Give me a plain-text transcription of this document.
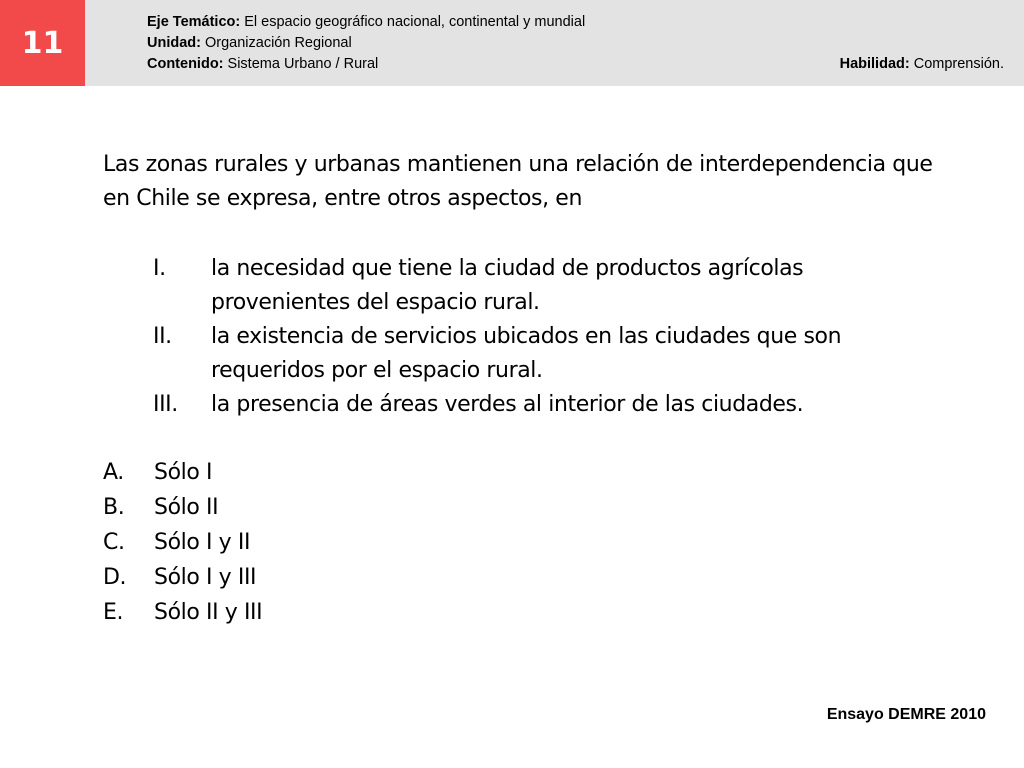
11
Eje Temático: El espacio geográfico nacional, continental y mundial
Unidad: Organización Regional
Contenido: Sistema Urbano / Rural	Habilidad: Comprensión.
Las zonas rurales y urbanas mantienen una relación de interdependencia que en Chile se expresa, entre otros aspectos, en
I.	la necesidad que tiene la ciudad de productos agrícolas provenientes del espacio rural.
II.	la existencia de servicios ubicados en las ciudades que son requeridos por el espacio rural.
III.	la presencia de áreas verdes al interior de las ciudades.
A.	Sólo I
B.	Sólo II
C.	Sólo I y II
D.	Sólo I y III
E.	Sólo II y III
Ensayo DEMRE 2010
